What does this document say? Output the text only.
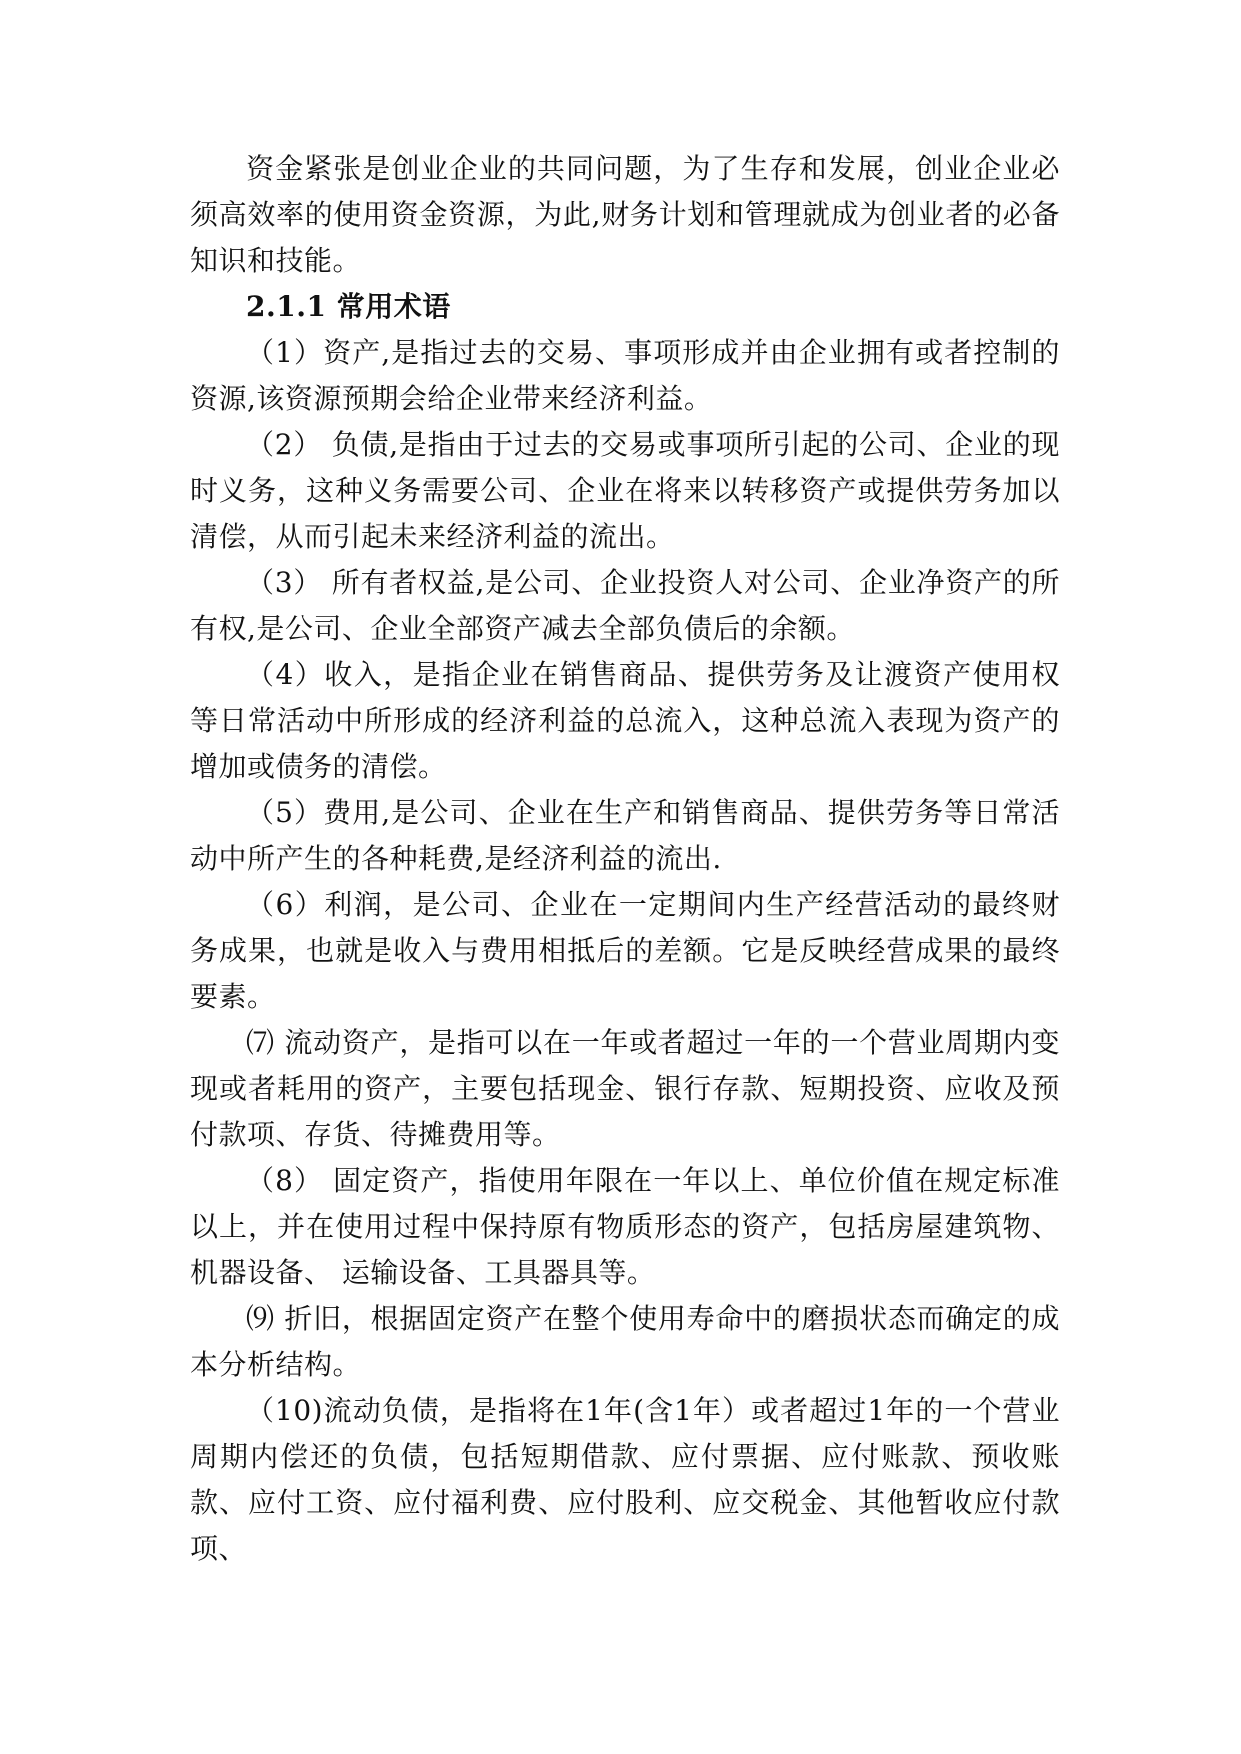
资金紧张是创业企业的共同问题，为了生存和发展，创业企业必须高效率的使用资金资源，为此,财务计划和管理就成为创业者的必备知识和技能。

2.1.1 常用术语

（1）资产,是指过去的交易、事项形成并由企业拥有或者控制的资源,该资源预期会给企业带来经济利益。

（2） 负债,是指由于过去的交易或事项所引起的公司、企业的现时义务，这种义务需要公司、企业在将来以转移资产或提供劳务加以清偿，从而引起未来经济利益的流出。

（3） 所有者权益,是公司、企业投资人对公司、企业净资产的所有权,是公司、企业全部资产减去全部负债后的余额。

（4）收入，是指企业在销售商品、提供劳务及让渡资产使用权等日常活动中所形成的经济利益的总流入，这种总流入表现为资产的增加或债务的清偿。

（5）费用,是公司、企业在生产和销售商品、提供劳务等日常活动中所产生的各种耗费,是经济利益的流出.

（6）利润，是公司、企业在一定期间内生产经营活动的最终财务成果，也就是收入与费用相抵后的差额。它是反映经营成果的最终要素。

⑺ 流动资产，是指可以在一年或者超过一年的一个营业周期内变现或者耗用的资产，主要包括现金、银行存款、短期投资、应收及预付款项、存货、待摊费用等。

（8） 固定资产，指使用年限在一年以上、单位价值在规定标准以上，并在使用过程中保持原有物质形态的资产，包括房屋建筑物、机器设备、 运输设备、工具器具等。

⑼ 折旧，根据固定资产在整个使用寿命中的磨损状态而确定的成本分析结构。

（10)流动负债，是指将在1年(含1年）或者超过1年的一个营业周期内偿还的负债，包括短期借款、应付票据、应付账款、预收账款、应付工资、应付福利费、应付股利、应交税金、其他暂收应付款项、
